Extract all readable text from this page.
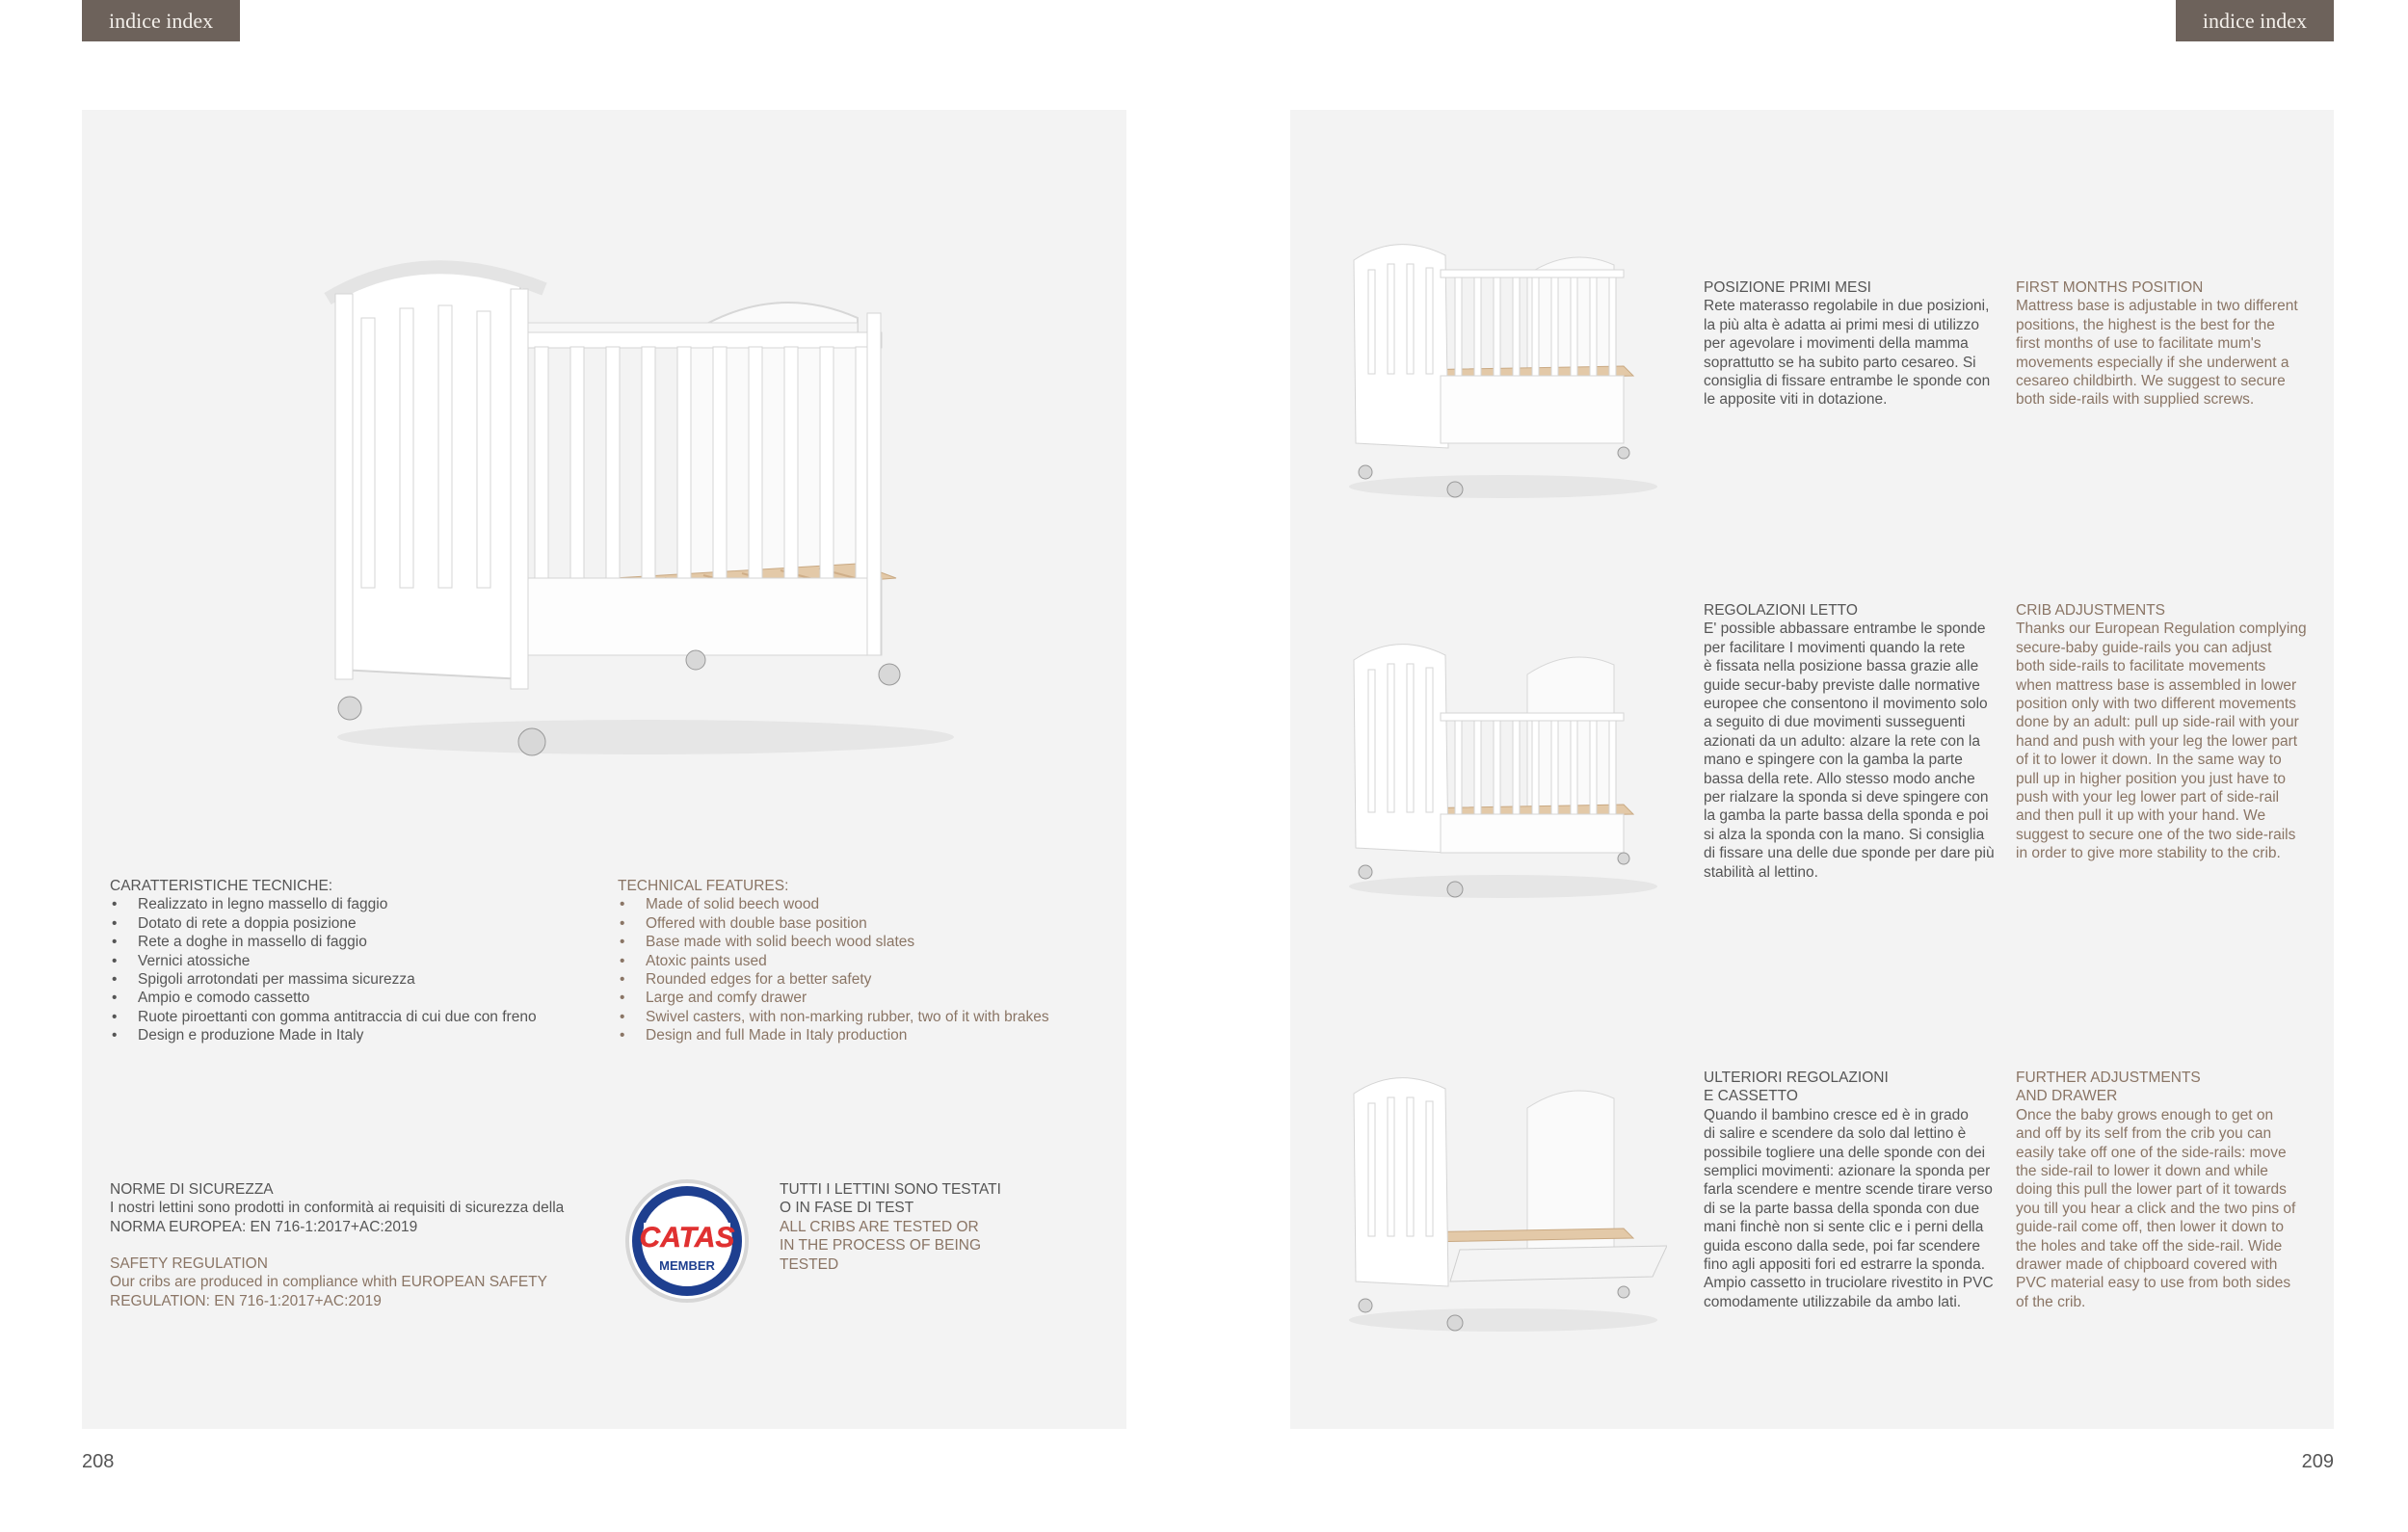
indice index	indice index
CARATTERISTICHE TECNICHE:
• Realizzato in legno massello di faggio
• Dotato di rete a doppia posizione
• Rete a doghe in massello di faggio
• Vernici atossiche
• Spigoli arrotondati per massima sicurezza
• Ampio e comodo cassetto
• Ruote piroettanti con gomma antitraccia di cui due con freno
• Design e produzione Made in Italy
TECHNICAL FEATURES:
• Made of solid beech wood
• Offered with double base position
• Base made with solid beech wood slates
• Atoxic paints used
• Rounded edges for a better safety
• Large and comfy drawer
• Swivel casters, with non-marking rubber, two of it with brakes
• Design and full Made in Italy production
NORME DI SICUREZZA
I nostri lettini sono prodotti in conformità ai requisiti di sicurezza della
NORMA EUROPEA: EN 716-1:2017+AC:2019
SAFETY REGULATION
Our cribs are produced in compliance whith EUROPEAN SAFETY
REGULATION: EN 716-1:2017+AC:2019
CATAS
MEMBER
TUTTI I LETTINI SONO TESTATI
O IN FASE DI TEST
ALL CRIBS ARE TESTED OR
IN THE PROCESS OF BEING
TESTED
208
POSIZIONE PRIMI MESI
Rete materasso regolabile in due posizioni,
la più alta è adatta ai primi mesi di utilizzo
per agevolare i movimenti della mamma
soprattutto se ha subito parto cesareo. Si
consiglia di fissare entrambe le sponde con
le apposite viti in dotazione.
FIRST MONTHS POSITION
Mattress base is adjustable in two different
positions, the highest is the best for the
first months of use to facilitate mum's
movements especially if she underwent a
cesareo childbirth. We suggest to secure
both side-rails with supplied screws.
REGOLAZIONI LETTO
E' possible abbassare entrambe le sponde
per facilitare I movimenti quando la rete
è fissata nella posizione bassa grazie alle
guide secur-baby previste dalle normative
europee che consentono il movimento solo
a seguito di due movimenti susseguenti
azionati da un adulto: alzare la rete con la
mano e spingere con la gamba la parte
bassa della rete. Allo stesso modo anche
per rialzare la sponda si deve spingere con
la gamba la parte bassa della sponda e poi
si alza la sponda con la mano. Si consiglia
di fissare una delle due sponde per dare più
stabilità al lettino.
CRIB ADJUSTMENTS
Thanks our European Regulation complying
secure-baby guide-rails you can adjust
both side-rails to facilitate movements
when mattress base is assembled in lower
position only with two different movements
done by an adult: pull up side-rail with your
hand and push with your leg the lower part
of it to lower it down. In the same way to
pull up in higher position you just have to
push with your leg lower part of side-rail
and then pull it up with your hand. We
suggest to secure one of the two side-rails
in order to give more stability to the crib.
ULTERIORI REGOLAZIONI
E CASSETTO
Quando il bambino cresce ed è in grado
di salire e scendere da solo dal lettino è
possibile togliere una delle sponde con dei
semplici movimenti: azionare la sponda per
farla scendere e mentre scende tirare verso
di se la parte bassa della sponda con due
mani finchè non si sente clic e i perni della
guida escono dalla sede, poi far scendere
fino agli appositi fori ed estrarre la sponda.
Ampio cassetto in truciolare rivestito in PVC
comodamente utilizzabile da ambo lati.
FURTHER ADJUSTMENTS
AND DRAWER
Once the baby grows enough to get on
and off by its self from the crib you can
easily take off one of the side-rails: move
the side-rail to lower it down and while
doing this pull the lower part of it towards
you till you hear a click and the two pins of
guide-rail come off, then lower it down to
the holes and take off the side-rail. Wide
drawer made of chipboard covered with
PVC material easy to use from both sides
of the crib.
209
